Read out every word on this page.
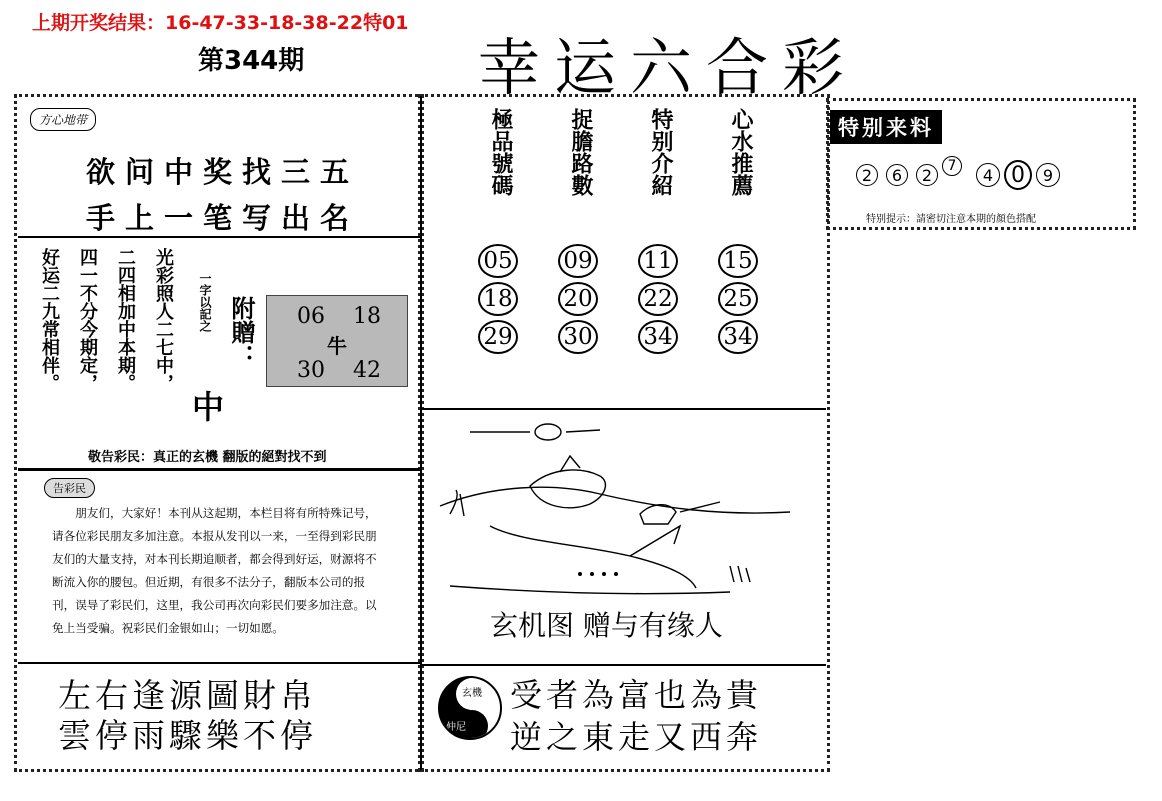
上期开奖结果：16-47-33-18-38-22特01
第344期	幸运六合彩
方心地带
欲问中奖找三五
手上一笔写出名
光彩照人二七中，
二四相加中本期。
四一不分今期定，
好运二九常相伴。	一字以記之 附贈：
中
06 18
牛
30 42
敬告彩民：真正的玄機 翻版的絕對找不到
告彩民
朋友们，大家好！本刊从这起期，本栏目将有所特殊记号，请各位彩民朋友多加注意。本报从发刊以一来，一至得到彩民朋友们的大量支持，对本刊长期追顺者，都会得到好运，财源将不断流入你的腰包。但近期，有很多不法分子，翻版本公司的报刊，误导了彩民们，这里，我公司再次向彩民们要多加注意。以免上当受骗。祝彩民们金银如山；一切如愿。
左右逢源圖財帛
雲停雨驟樂不停
極品號碼	捉膽路數	特别介紹	心水推薦
05 09 11 15
18 20 22 25
29 30 34 34
玄机图 赠与有缘人
玄機
仲尼
受者為富也為貴
逆之東走又西奔
特别来料
2	6	2	7	4 0	9
特别提示：請密切注意本期的顏色搭配
